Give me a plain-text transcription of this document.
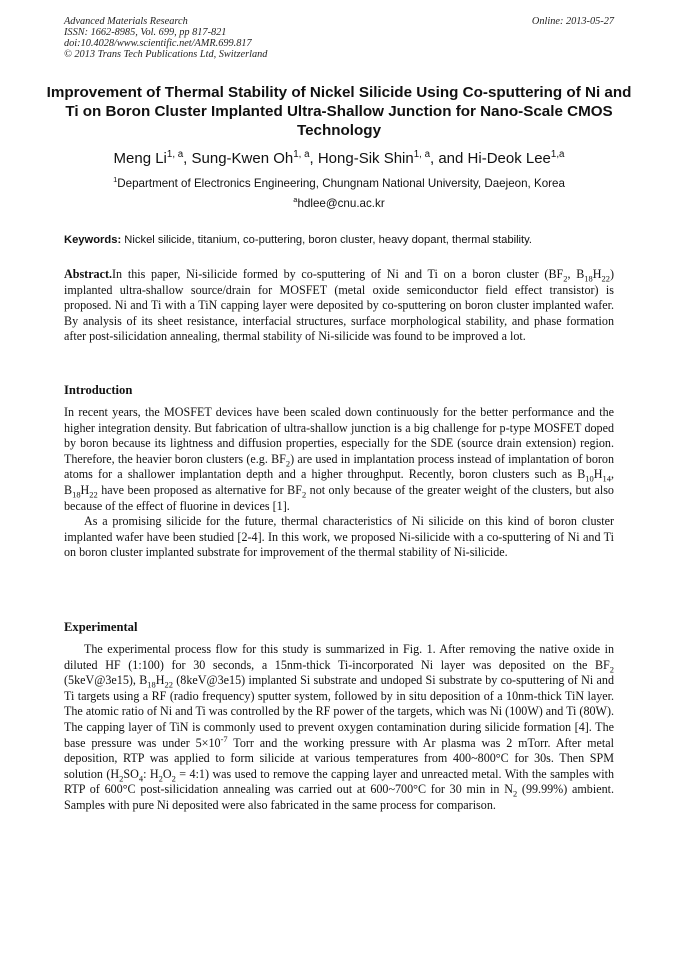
Advanced Materials Research
ISSN: 1662-8985, Vol. 699, pp 817-821
doi:10.4028/www.scientific.net/AMR.699.817
© 2013 Trans Tech Publications Ltd, Switzerland
Online: 2013-05-27
Improvement of Thermal Stability of Nickel Silicide Using Co-sputtering of Ni and Ti on Boron Cluster Implanted Ultra-Shallow Junction for Nano-Scale CMOS Technology
Meng Li$^{1, a}$, Sung-Kwen Oh$^{1, a}$, Hong-Sik Shin$^{1, a}$, and Hi-Deok Lee$^{1,a}$
$^1$Department of Electronics Engineering, Chungnam National University, Daejeon, Korea
$^a$hdlee@cnu.ac.kr
Keywords: Nickel silicide, titanium, co-puttering, boron cluster, heavy dopant, thermal stability.

Abstract.In this paper, Ni-silicide formed by co-sputtering of Ni and Ti on a boron cluster ($BF_2$, $B_{18}H_{22}$) implanted ultra-shallow source/drain for MOSFET (metal oxide semiconductor field effect transistor) is proposed. Ni and Ti with a TiN capping layer were deposited by co-sputtering on boron cluster implanted wafer. By analysis of its sheet resistance, interfacial structures, surface morphological stability, and phase formation after post-silicidation annealing, thermal stability of Ni-silicide was found to be improved a lot.

Introduction

In recent years, the MOSFET devices have been scaled down continuously for the better performance and the higher integration density. But fabrication of ultra-shallow junction is a big challenge for p-type MOSFET doped by boron because its lightness and diffusion properties, especially for the SDE (source drain extension) region. Therefore, the heavier boron clusters (e.g. $BF_2$) are used in implantation process instead of implantation of boron atoms for a shallower implantation depth and a higher throughput. Recently, boron clusters such as $B_{10}H_{14}$, $B_{18}H_{22}$ have been proposed as alternative for $BF_2$ not only because of the greater weight of the clusters, but also because of the effect of fluorine in devices [1].

As a promising silicide for the future, thermal characteristics of Ni silicide on this kind of boron cluster implanted wafer have been studied [2-4]. In this work, we proposed Ni-silicide with a co-sputtering of Ni and Ti on boron cluster implanted substrate for improvement of the thermal stability of Ni-silicide.

Experimental

The experimental process flow for this study is summarized in Fig. 1. After removing the native oxide in diluted HF (1:100) for 30 seconds, a 15nm-thick Ti-incorporated Ni layer was deposited on the $BF_2$ (5keV@3e15), $B_{18}H_{22}$ (8keV@3e15) implanted Si substrate and undoped Si substrate by co-sputtering of Ni and Ti targets using a RF (radio frequency) sputter system, followed by in situ deposition of a 10nm-thick TiN layer. The atomic ratio of Ni and Ti was controlled by the RF power of the targets, which was Ni (100W) and Ti (80W). The capping layer of TiN is commonly used to prevent oxygen contamination during silicide formation [4]. The base pressure was under $5\times 10^{-7}$ Torr and the working pressure with Ar plasma was 2 mTorr. After metal deposition, RTP was applied to form silicide at various temperatures from 400~800°C for 30s. Then SPM solution ($H_2SO_4$: $H_2O_2$ = 4:1) was used to remove the capping layer and unreacted metal. With the samples with RTP of 600°C post-silicidation annealing was carried out at 600~700°C for 30 min in $N_2$ (99.99%) ambient. Samples with pure Ni deposited were also fabricated in the same process for comparison.
